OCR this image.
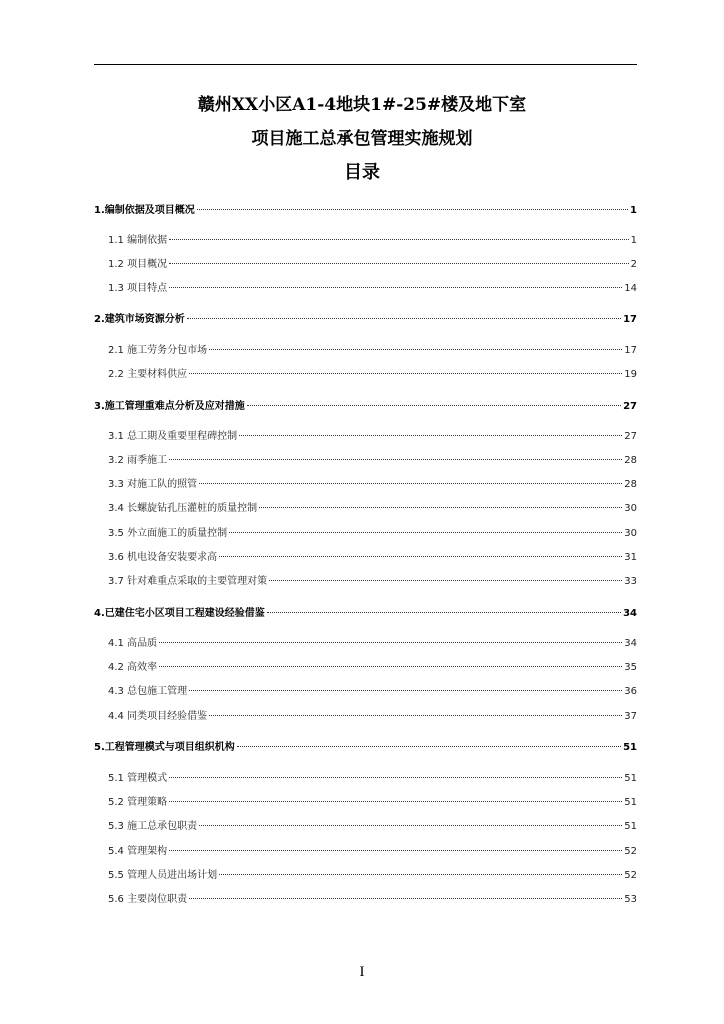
赣州XX小区A1-4地块1#-25#楼及地下室
项目施工总承包管理实施规划
目录
1.编制依据及项目概况	1
1.1 编制依据	1
1.2 项目概况	2
1.3 项目特点	14
2.建筑市场资源分析	17
2.1 施工劳务分包市场	17
2.2 主要材料供应	19
3.施工管理重难点分析及应对措施	27
3.1 总工期及重要里程碑控制	27
3.2 雨季施工	28
3.3 对施工队的照管	28
3.4 长螺旋钻孔压灌桩的质量控制	30
3.5 外立面施工的质量控制	30
3.6 机电设备安装要求高	31
3.7 针对难重点采取的主要管理对策	33
4.已建住宅小区项目工程建设经验借鉴	34
4.1 高品质	34
4.2 高效率	35
4.3 总包施工管理	36
4.4 同类项目经验借鉴	37
5.工程管理模式与项目组织机构	51
5.1 管理模式	51
5.2 管理策略	51
5.3 施工总承包职责	51
5.4 管理架构	52
5.5 管理人员进出场计划	52
5.6 主要岗位职责	53
I
